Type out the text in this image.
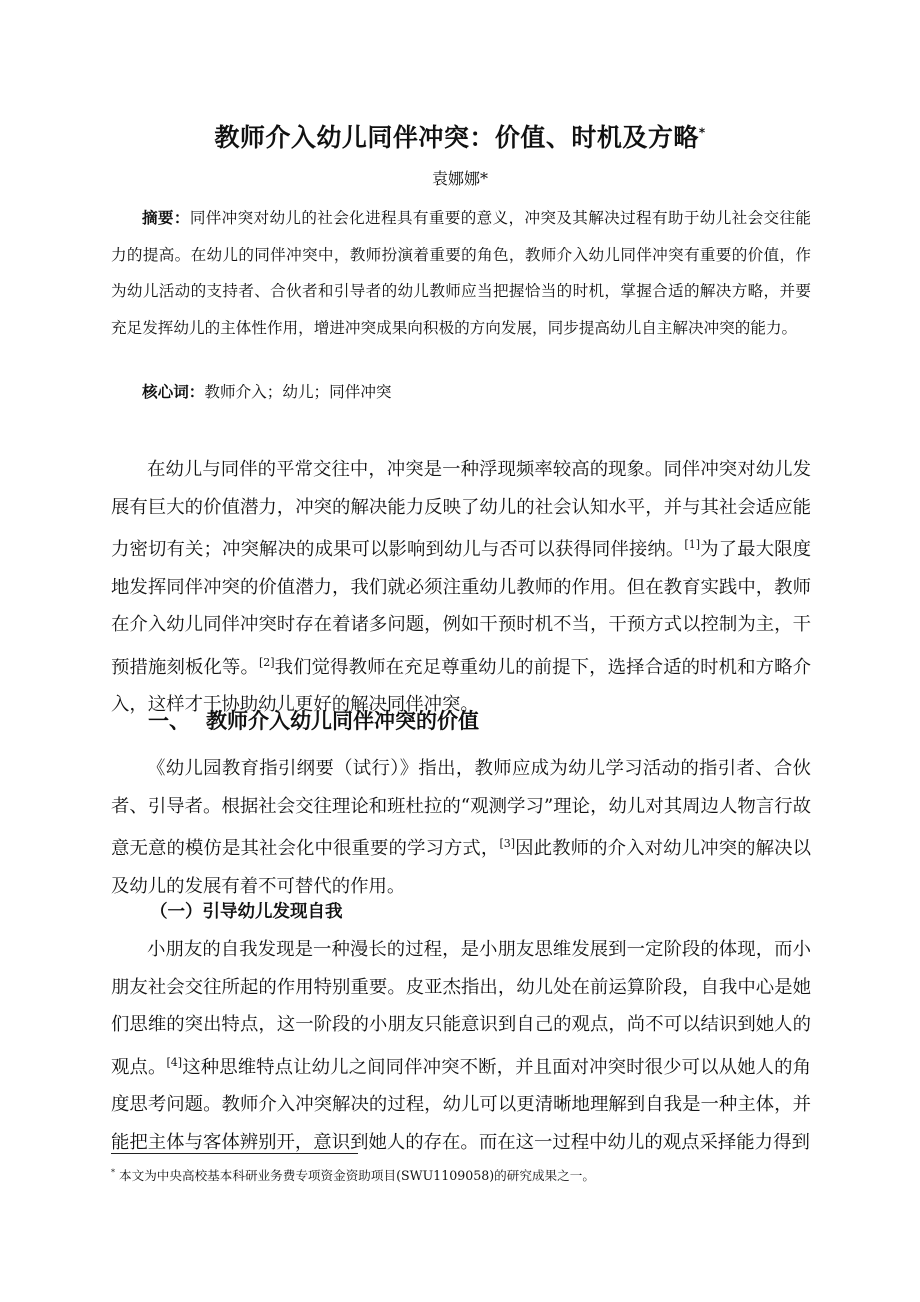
教师介入幼儿同伴冲突：价值、时机及方略*
袁娜娜*
摘要：同伴冲突对幼儿的社会化进程具有重要的意义，冲突及其解决过程有助于幼儿社会交往能力的提高。在幼儿的同伴冲突中，教师扮演着重要的角色，教师介入幼儿同伴冲突有重要的价值，作为幼儿活动的支持者、合伙者和引导者的幼儿教师应当把握恰当的时机，掌握合适的解决方略，并要充足发挥幼儿的主体性作用，增进冲突成果向积极的方向发展，同步提高幼儿自主解决冲突的能力。
核心词：教师介入；幼儿；同伴冲突
在幼儿与同伴的平常交往中，冲突是一种浮现频率较高的现象。同伴冲突对幼儿发展有巨大的价值潜力，冲突的解决能力反映了幼儿的社会认知水平，并与其社会适应能力密切有关；冲突解决的成果可以影响到幼儿与否可以获得同伴接纳。[1]为了最大限度地发挥同伴冲突的价值潜力，我们就必须注重幼儿教师的作用。但在教育实践中，教师在介入幼儿同伴冲突时存在着诸多问题，例如干预时机不当，干预方式以控制为主，干预措施刻板化等。[2]我们觉得教师在充足尊重幼儿的前提下，选择合适的时机和方略介入，这样才干协助幼儿更好的解决同伴冲突。
一、 教师介入幼儿同伴冲突的价值
《幼儿园教育指引纲要（试行）》指出，教师应成为幼儿学习活动的指引者、合伙者、引导者。根据社会交往理论和班杜拉的“观测学习”理论，幼儿对其周边人物言行故意无意的模仿是其社会化中很重要的学习方式，[3]因此教师的介入对幼儿冲突的解决以及幼儿的发展有着不可替代的作用。
（一）引导幼儿发现自我
小朋友的自我发现是一种漫长的过程，是小朋友思维发展到一定阶段的体现，而小朋友社会交往所起的作用特别重要。皮亚杰指出，幼儿处在前运算阶段，自我中心是她们思维的突出特点，这一阶段的小朋友只能意识到自己的观点，尚不可以结识到她人的观点。[4]这种思维特点让幼儿之间同伴冲突不断，并且面对冲突时很少可以从她人的角度思考问题。教师介入冲突解决的过程，幼儿可以更清晰地理解到自我是一种主体，并能把主体与客体辨别开，意识到她人的存在。而在这一过程中幼儿的观点采择能力得到
* 本文为中央高校基本科研业务费专项资金资助项目(SWU1109058)的研究成果之一。
